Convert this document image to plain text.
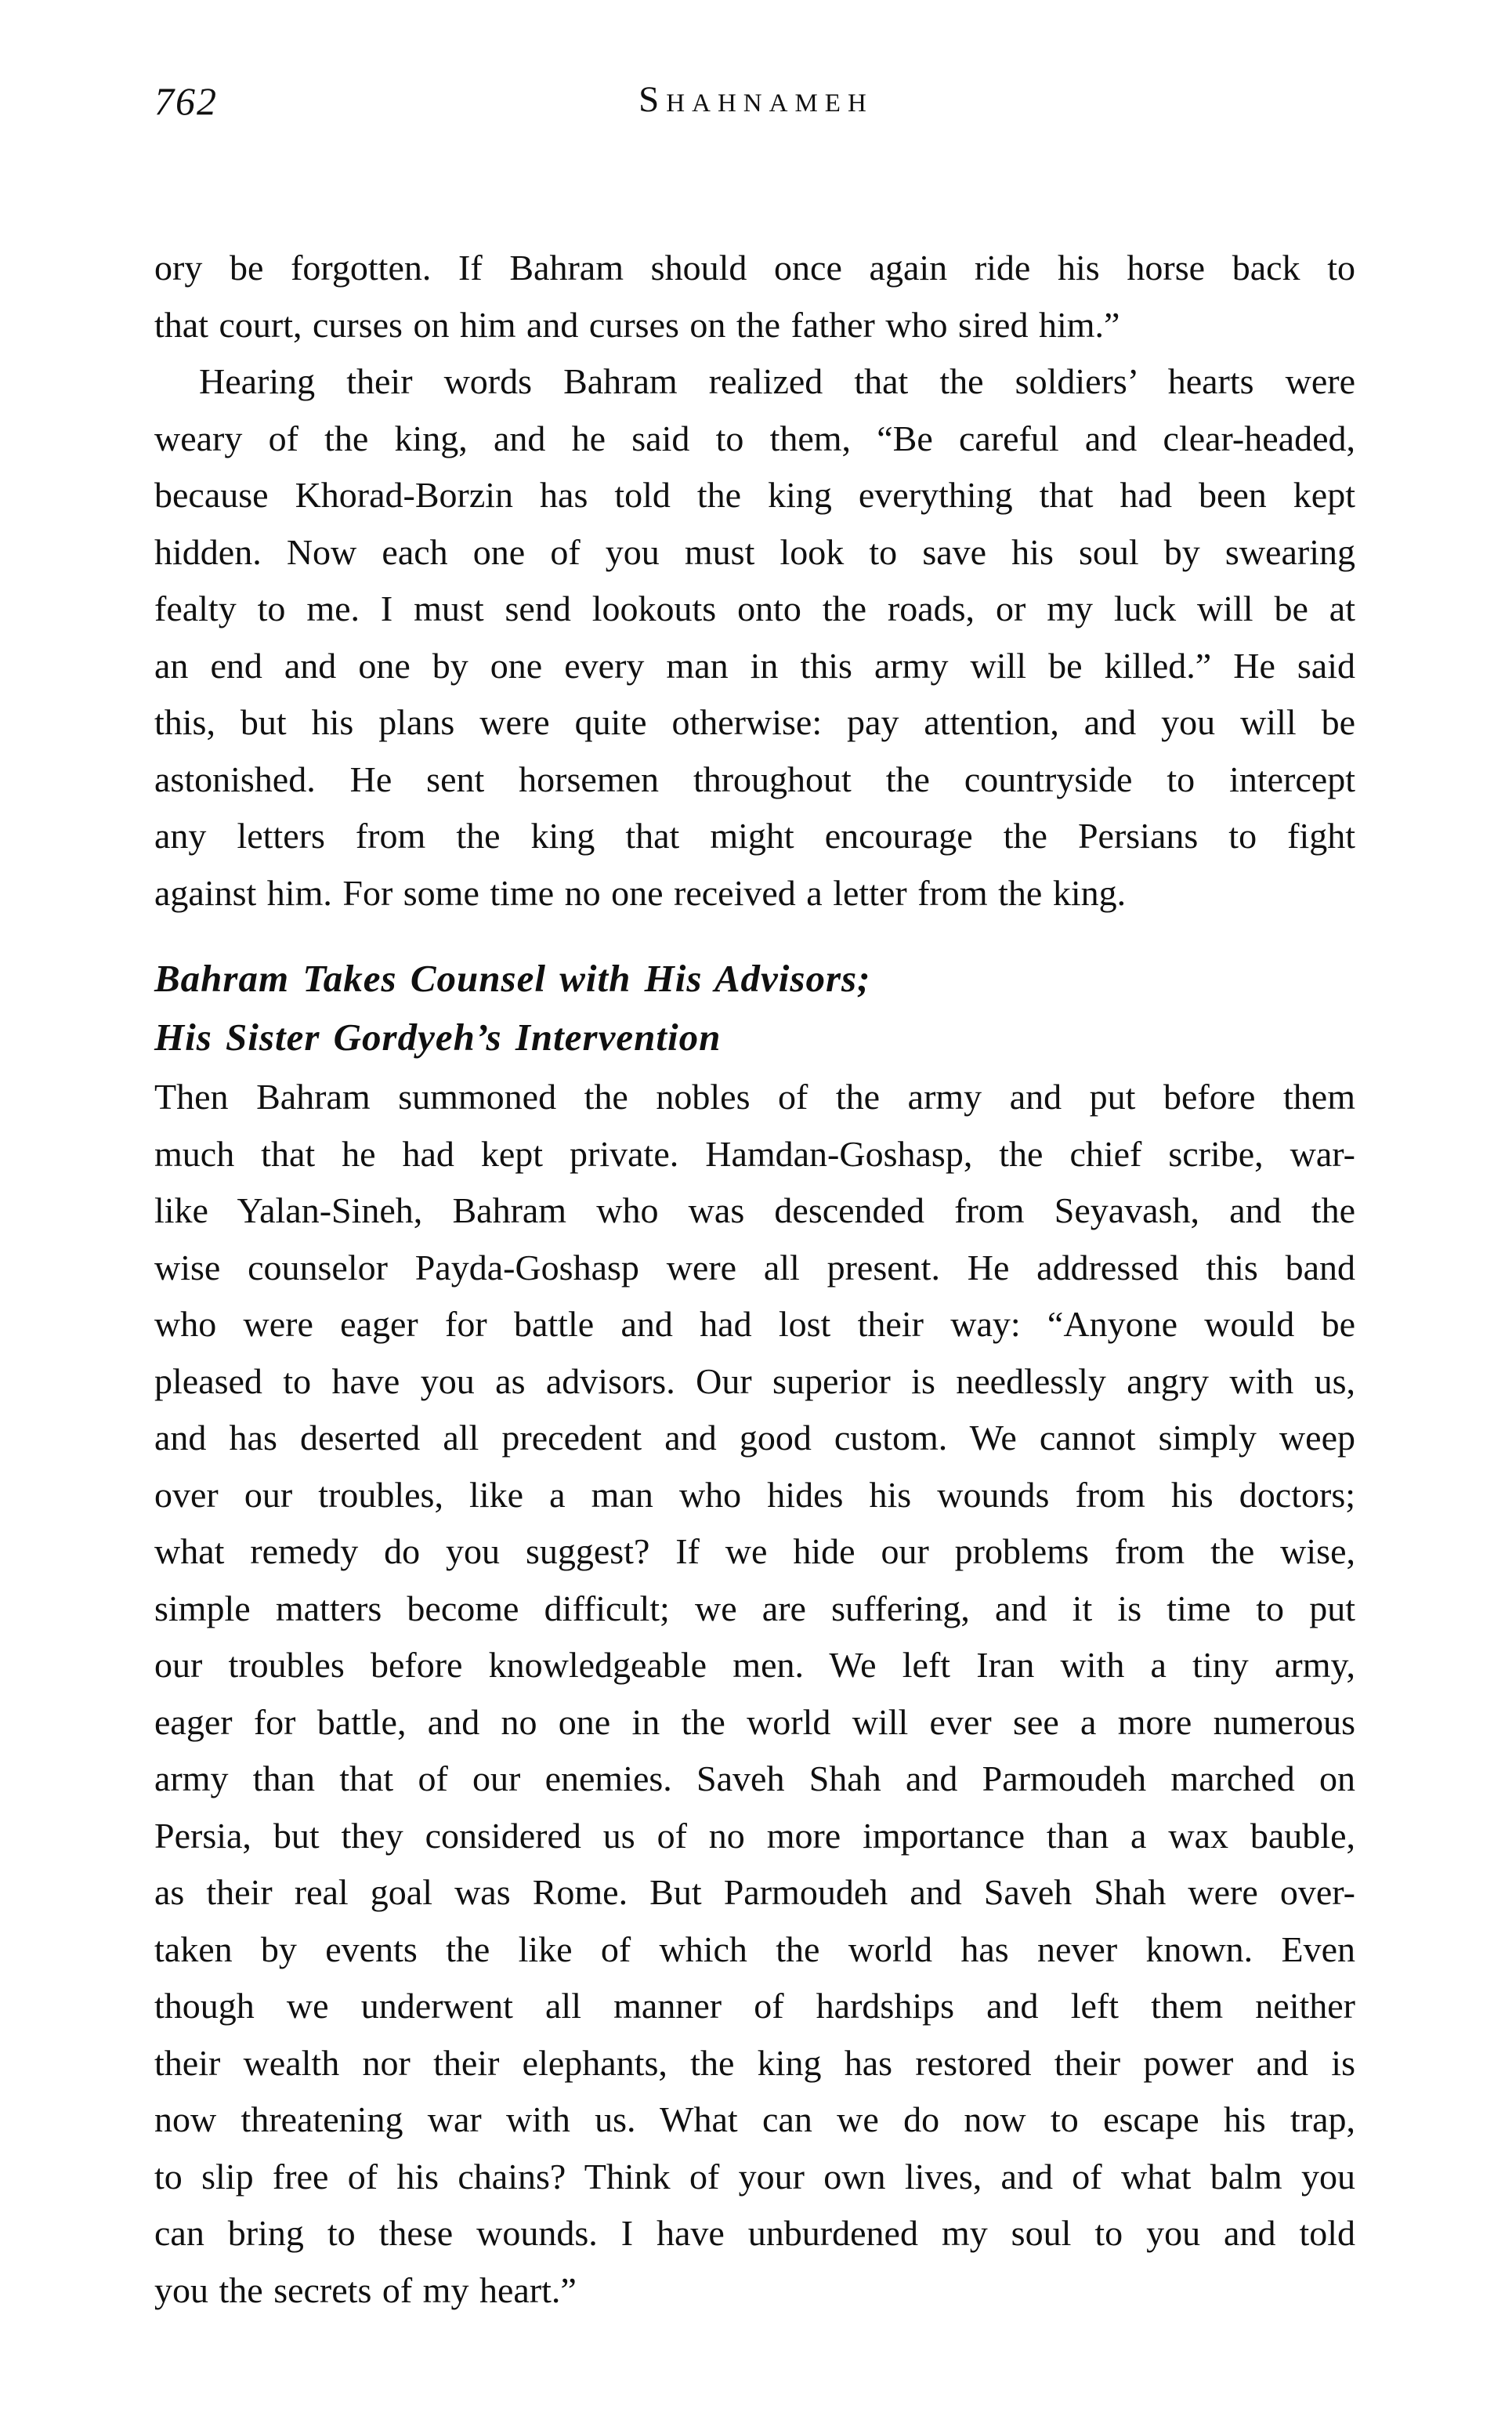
762	Shahnameh
ory be forgotten. If Bahram should once again ride his horse back to
that court, curses on him and curses on the father who sired him.”
Hearing their words Bahram realized that the soldiers’ hearts were
weary of the king, and he said to them, “Be careful and clear-headed,
because Khorad-Borzin has told the king everything that had been kept
hidden. Now each one of you must look to save his soul by swearing
fealty to me. I must send lookouts onto the roads, or my luck will be at
an end and one by one every man in this army will be killed.” He said
this, but his plans were quite otherwise: pay attention, and you will be
astonished. He sent horsemen throughout the countryside to intercept
any letters from the king that might encourage the Persians to fight
against him. For some time no one received a letter from the king.
Bahram Takes Counsel with His Advisors;
His Sister Gordyeh’s Intervention
Then Bahram summoned the nobles of the army and put before them
much that he had kept private. Hamdan-Goshasp, the chief scribe, war-
like Yalan-Sineh, Bahram who was descended from Seyavash, and the
wise counselor Payda-Goshasp were all present. He addressed this band
who were eager for battle and had lost their way: “Anyone would be
pleased to have you as advisors. Our superior is needlessly angry with us,
and has deserted all precedent and good custom. We cannot simply weep
over our troubles, like a man who hides his wounds from his doctors;
what remedy do you suggest? If we hide our problems from the wise,
simple matters become difficult; we are suffering, and it is time to put
our troubles before knowledgeable men. We left Iran with a tiny army,
eager for battle, and no one in the world will ever see a more numerous
army than that of our enemies. Saveh Shah and Parmoudeh marched on
Persia, but they considered us of no more importance than a wax bauble,
as their real goal was Rome. But Parmoudeh and Saveh Shah were over-
taken by events the like of which the world has never known. Even
though we underwent all manner of hardships and left them neither
their wealth nor their elephants, the king has restored their power and is
now threatening war with us. What can we do now to escape his trap,
to slip free of his chains? Think of your own lives, and of what balm you
can bring to these wounds. I have unburdened my soul to you and told
you the secrets of my heart.”
